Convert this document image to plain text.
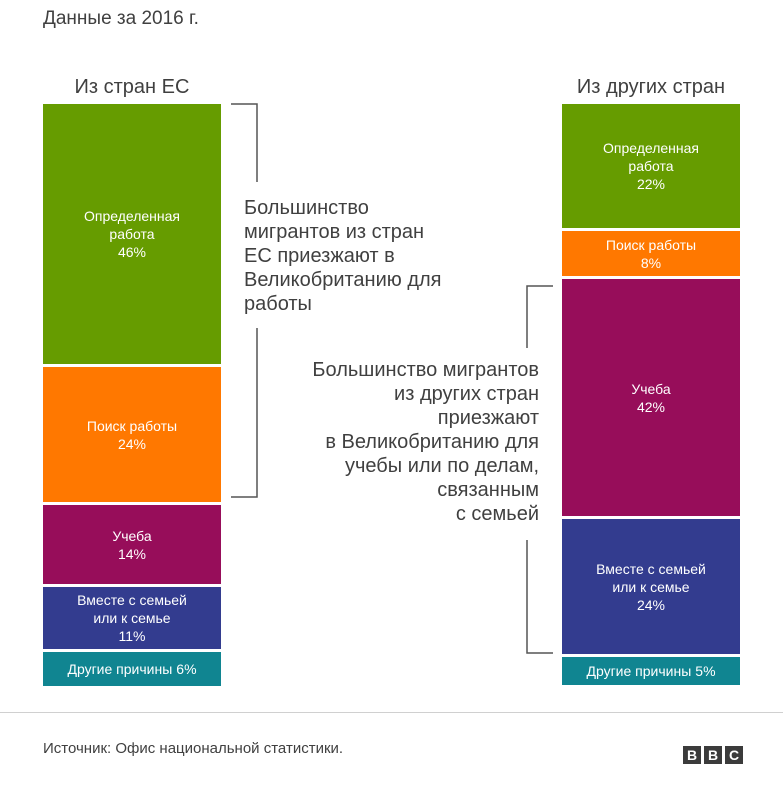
Данные за 2016 г.
Из стран ЕС	Из других стран
Определенная
работа
46%
Поиск работы
24%
Учеба
14%
Вместе с семьей
или к семье
11%
Другие причины 6%
Определенная
работа
22%
Поиск работы
8%
Учеба
42%
Вместе с семьей
или к семье
24%
Другие причины 5%
Большинство
мигрантов из стран
ЕС приезжают в
Великобританию для
работы
Большинство мигрантов
из других стран
приезжают
в Великобританию для
учебы или по делам,
связанным
с семьей
Источник: Офис национальной статистики.	B B C
